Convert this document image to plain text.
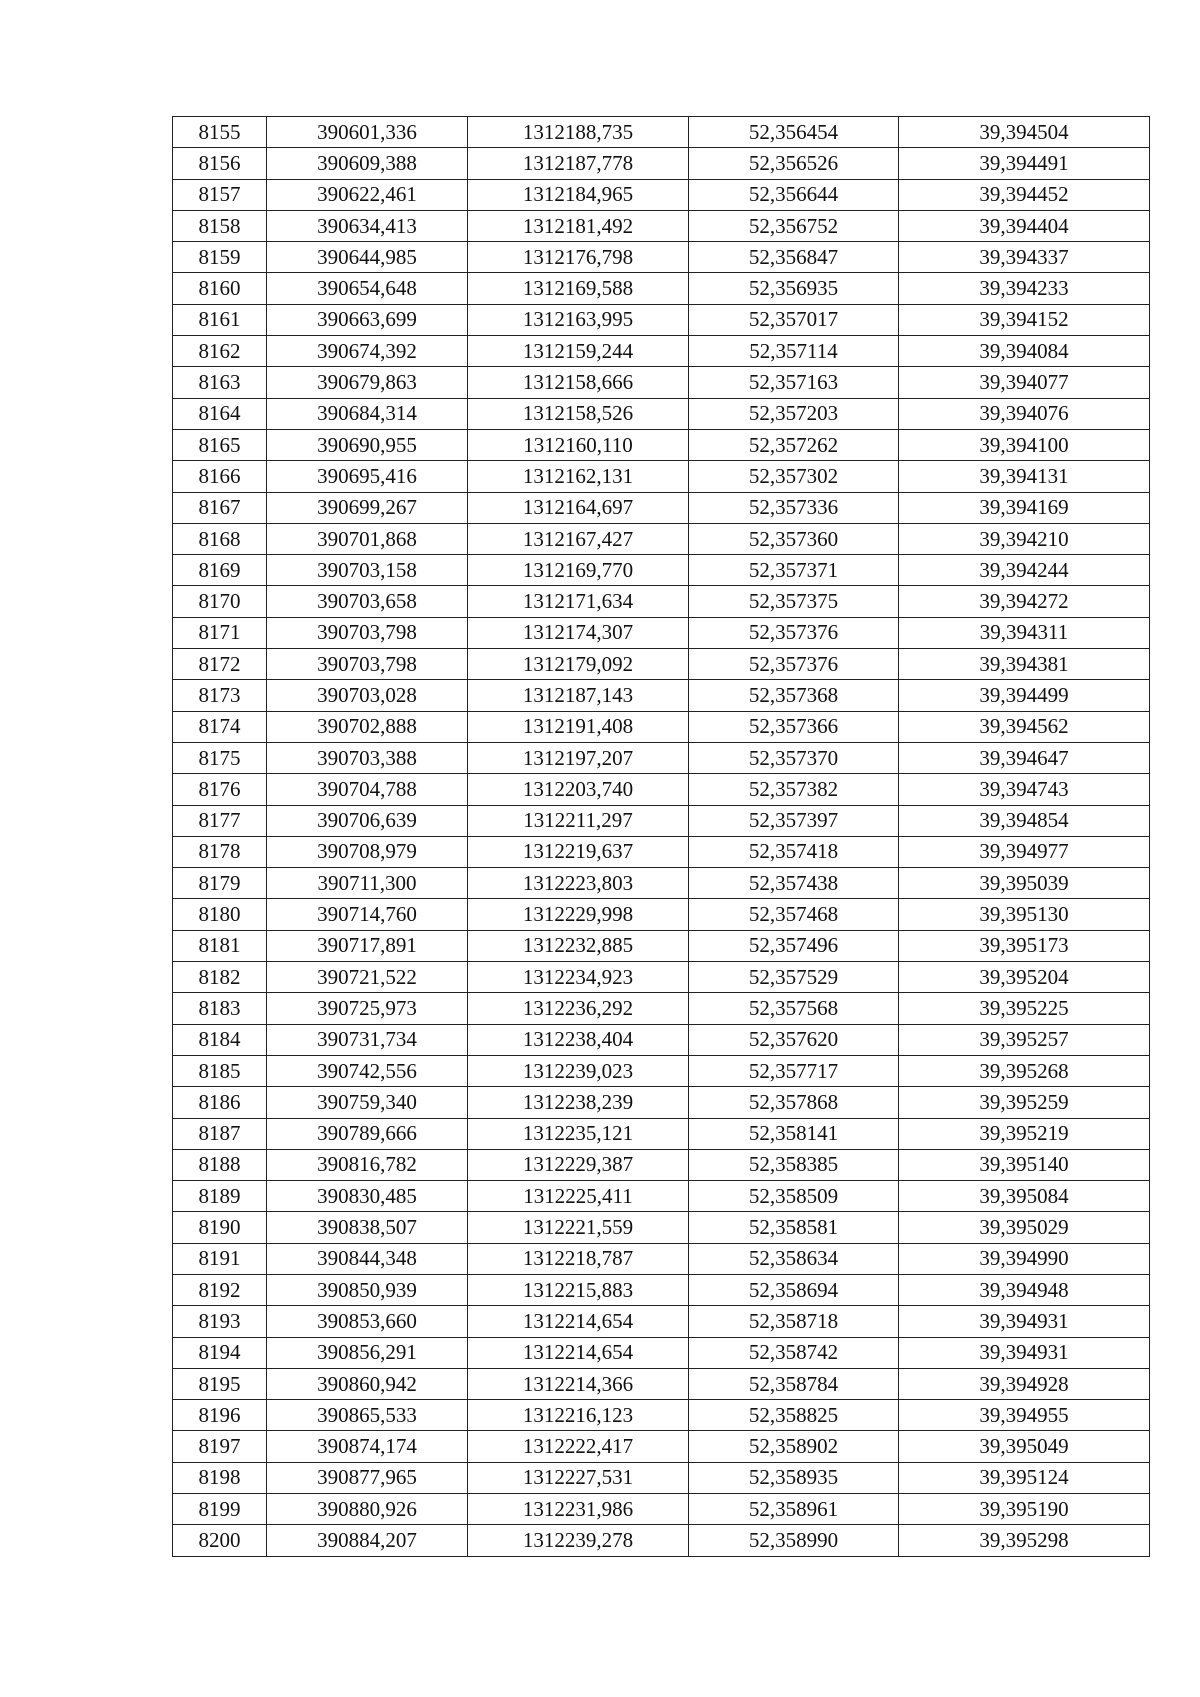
8155	390601,336	1312188,735	52,356454	39,394504
8156	390609,388	1312187,778	52,356526	39,394491
8157	390622,461	1312184,965	52,356644	39,394452
8158	390634,413	1312181,492	52,356752	39,394404
8159	390644,985	1312176,798	52,356847	39,394337
8160	390654,648	1312169,588	52,356935	39,394233
8161	390663,699	1312163,995	52,357017	39,394152
8162	390674,392	1312159,244	52,357114	39,394084
8163	390679,863	1312158,666	52,357163	39,394077
8164	390684,314	1312158,526	52,357203	39,394076
8165	390690,955	1312160,110	52,357262	39,394100
8166	390695,416	1312162,131	52,357302	39,394131
8167	390699,267	1312164,697	52,357336	39,394169
8168	390701,868	1312167,427	52,357360	39,394210
8169	390703,158	1312169,770	52,357371	39,394244
8170	390703,658	1312171,634	52,357375	39,394272
8171	390703,798	1312174,307	52,357376	39,394311
8172	390703,798	1312179,092	52,357376	39,394381
8173	390703,028	1312187,143	52,357368	39,394499
8174	390702,888	1312191,408	52,357366	39,394562
8175	390703,388	1312197,207	52,357370	39,394647
8176	390704,788	1312203,740	52,357382	39,394743
8177	390706,639	1312211,297	52,357397	39,394854
8178	390708,979	1312219,637	52,357418	39,394977
8179	390711,300	1312223,803	52,357438	39,395039
8180	390714,760	1312229,998	52,357468	39,395130
8181	390717,891	1312232,885	52,357496	39,395173
8182	390721,522	1312234,923	52,357529	39,395204
8183	390725,973	1312236,292	52,357568	39,395225
8184	390731,734	1312238,404	52,357620	39,395257
8185	390742,556	1312239,023	52,357717	39,395268
8186	390759,340	1312238,239	52,357868	39,395259
8187	390789,666	1312235,121	52,358141	39,395219
8188	390816,782	1312229,387	52,358385	39,395140
8189	390830,485	1312225,411	52,358509	39,395084
8190	390838,507	1312221,559	52,358581	39,395029
8191	390844,348	1312218,787	52,358634	39,394990
8192	390850,939	1312215,883	52,358694	39,394948
8193	390853,660	1312214,654	52,358718	39,394931
8194	390856,291	1312214,654	52,358742	39,394931
8195	390860,942	1312214,366	52,358784	39,394928
8196	390865,533	1312216,123	52,358825	39,394955
8197	390874,174	1312222,417	52,358902	39,395049
8198	390877,965	1312227,531	52,358935	39,395124
8199	390880,926	1312231,986	52,358961	39,395190
8200	390884,207	1312239,278	52,358990	39,395298
